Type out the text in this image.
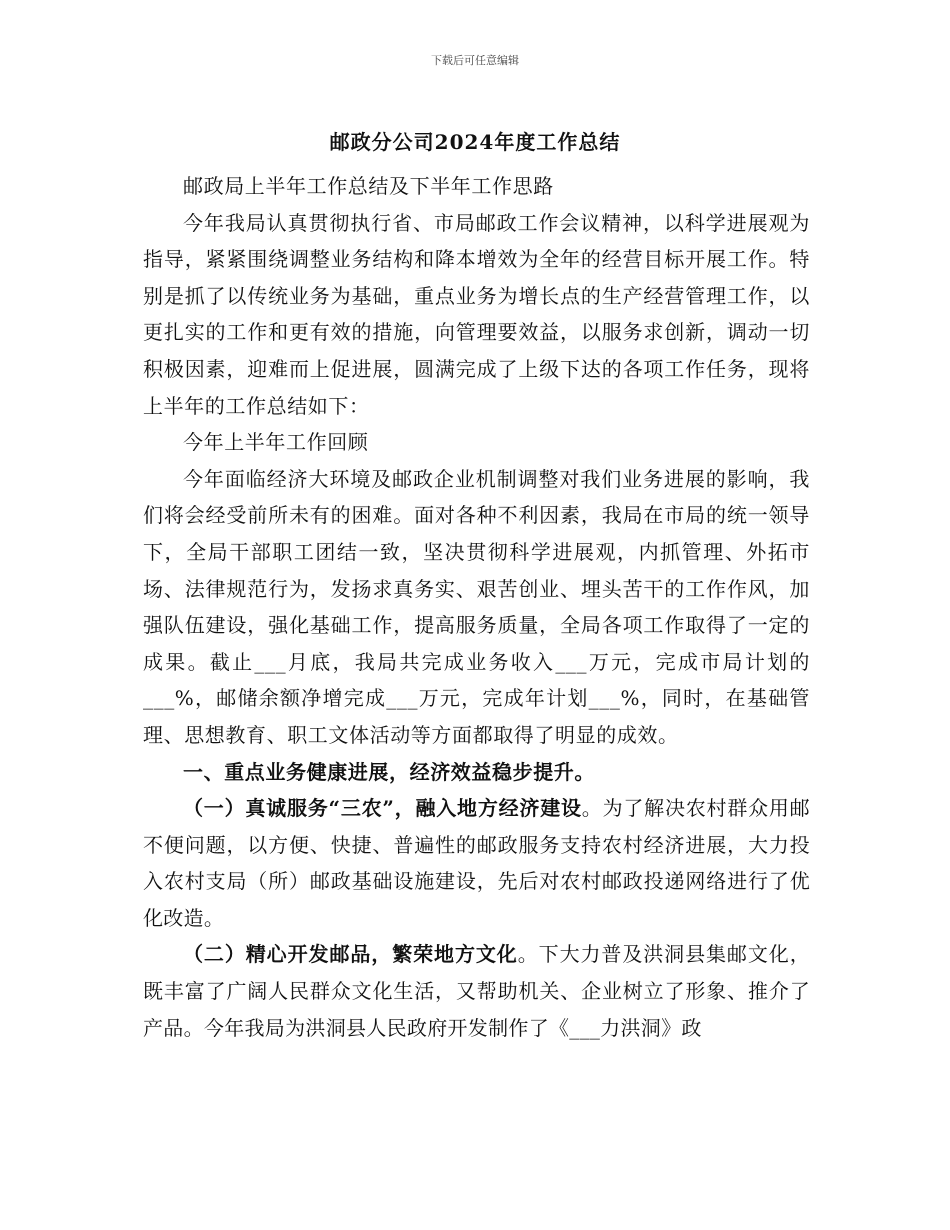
下载后可任意编辑
邮政分公司2024年度工作总结

邮政局上半年工作总结及下半年工作思路

今年我局认真贯彻执行省、市局邮政工作会议精神，以科学进展观为指导，紧紧围绕调整业务结构和降本增效为全年的经营目标开展工作。特别是抓了以传统业务为基础，重点业务为增长点的生产经营管理工作，以更扎实的工作和更有效的措施，向管理要效益，以服务求创新，调动一切积极因素，迎难而上促进展，圆满完成了上级下达的各项工作任务，现将上半年的工作总结如下：

今年上半年工作回顾

今年面临经济大环境及邮政企业机制调整对我们业务进展的影响，我们将会经受前所未有的困难。面对各种不利因素，我局在市局的统一领导下，全局干部职工团结一致，坚决贯彻科学进展观，内抓管理、外拓市场、法律规范行为，发扬求真务实、艰苦创业、埋头苦干的工作作风，加强队伍建设，强化基础工作，提高服务质量，全局各项工作取得了一定的成果。截止___月底，我局共完成业务收入___万元，完成市局计划的___%，邮储余额净增完成___万元，完成年计划___%，同时，在基础管理、思想教育、职工文体活动等方面都取得了明显的成效。

一、重点业务健康进展，经济效益稳步提升。

（一）真诚服务“三农”，融入地方经济建设。为了解决农村群众用邮不便问题，以方便、快捷、普遍性的邮政服务支持农村经济进展，大力投入农村支局（所）邮政基础设施建设，先后对农村邮政投递网络进行了优化改造。

（二）精心开发邮品，繁荣地方文化。下大力普及洪洞县集邮文化，既丰富了广阔人民群众文化生活，又帮助机关、企业树立了形象、推介了产品。今年我局为洪洞县人民政府开发制作了《___力洪洞》政
